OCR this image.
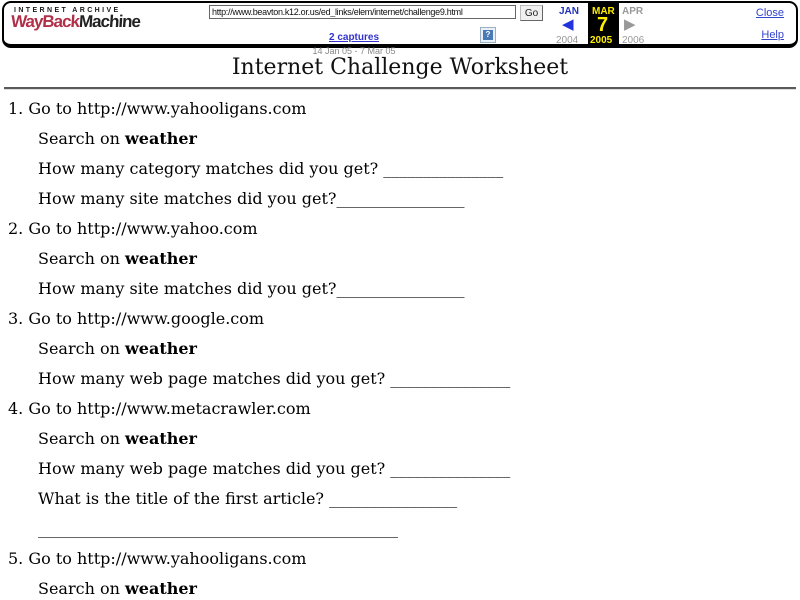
INTERNET ARCHIVE
WayBackMachine
http://www.beavton.k12.or.us/ed_links/elem/internet/challenge9.html	Go
2 captures
14 Jan 05 - 7 Mar 05
?
JAN MAR APR
◀ 7 ▶
2004 2005 2006
Close
Help
Internet Challenge Worksheet

1. Go to http://www.yahooligans.com

Search on weather

How many category matches did you get? _______________

How many site matches did you get?________________

2. Go to http://www.yahoo.com

Search on weather

How many site matches did you get?________________

3. Go to http://www.google.com

Search on weather

How many web page matches did you get? _______________

4. Go to http://www.metacrawler.com

Search on weather

How many web page matches did you get? _______________

What is the title of the first article? ________________

_____________________________________________

5. Go to http://www.yahooligans.com

Search on weather
